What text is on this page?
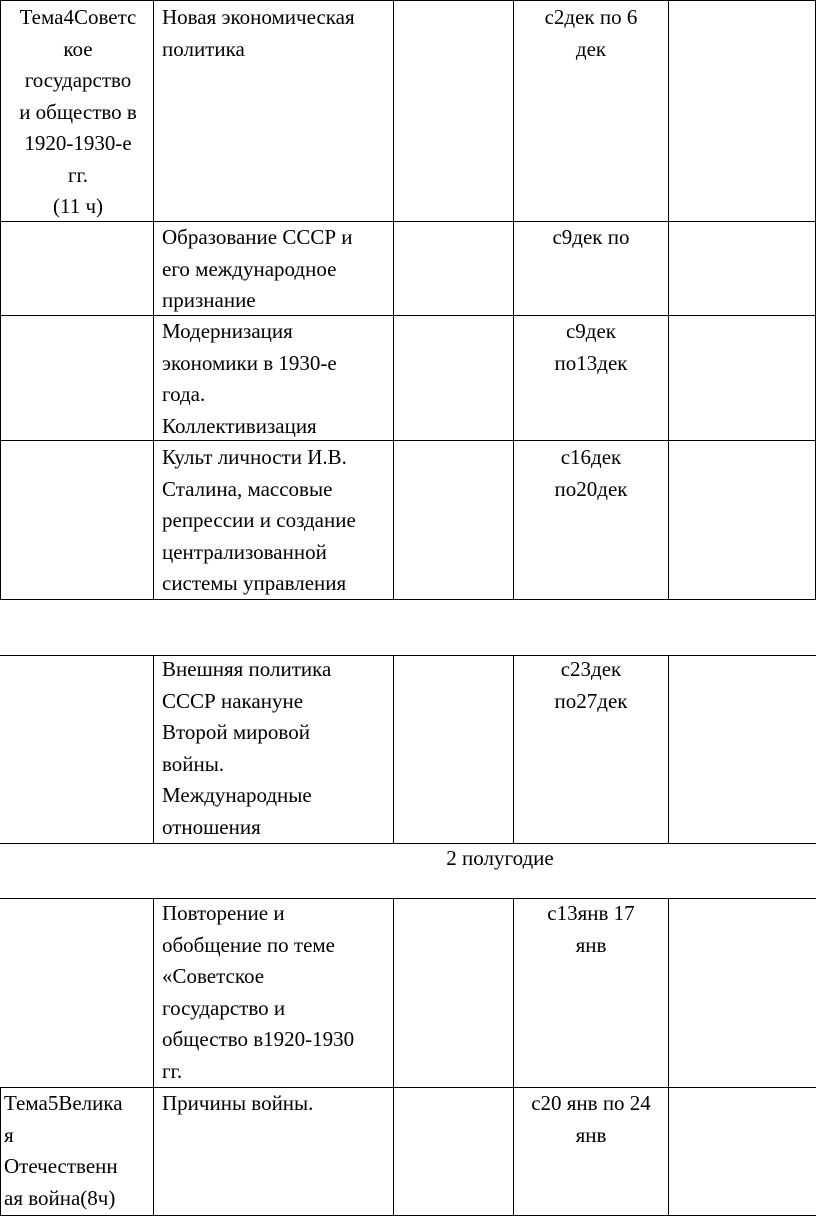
Тема4Советс
кое
государство
и общество в
1920-1930-е
гг.
(11 ч)
Новая экономическая
политика
с2дек по 6
дек
Образование СССР и
его международное
признание
с9дек по
Модернизация
экономики в 1930-е
года.
Коллективизация
с9дек
по13дек
Культ личности И.В.
Сталина, массовые
репрессии и создание
централизованной
системы управления
с16дек
по20дек
Внешняя политика
СССР накануне
Второй мировой
войны.
Международные
отношения
с23дек
по27дек
2 полугодие
Повторение и
обобщение по теме
«Советское
государство и
общество в1920-1930
гг.
с13янв 17
янв
Тема5Велика
я
Отечественн
ая война(8ч)
Причины войны.	с20 янв по 24
янв
